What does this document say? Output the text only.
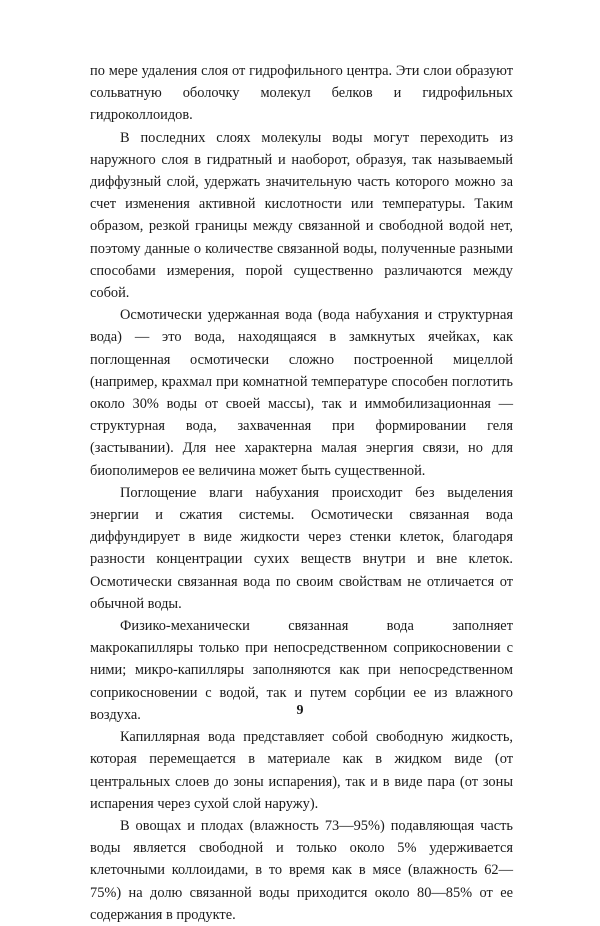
по мере удаления слоя от гидрофильного центра. Эти слои образуют сольватную оболочку молекул белков и гидрофильных гидроколлоидов.

В последних слоях молекулы воды могут переходить из наружного слоя в гидратный и наоборот, образуя, так называемый диффузный слой, удержать значительную часть которого можно за счет изменения активной кислотности или температуры. Таким образом, резкой границы между связанной и свободной водой нет, поэтому данные о количестве связанной воды, полученные разными способами измерения, порой существенно различаются между собой.

Осмотически удержанная вода (вода набухания и структурная вода) — это вода, находящаяся в замкнутых ячейках, как поглощенная осмотически сложно построенной мицеллой (например, крахмал при комнатной температуре способен поглотить около 30% воды от своей массы), так и иммобилизационная — структурная вода, захваченная при формировании геля (застывании). Для нее характерна малая энергия связи, но для биополимеров ее величина может быть существенной.

Поглощение влаги набухания происходит без выделения энергии и сжатия системы. Осмотически связанная вода диффундирует в виде жидкости через стенки клеток, благодаря разности концентрации сухих веществ внутри и вне клеток. Осмотически связанная вода по своим свойствам не отличается от обычной воды.

Физико-механически связанная вода заполняет макрокапилляры только при непосредственном соприкосновении с ними; микро-капилляры заполняются как при непосредственном соприкосновении с водой, так и путем сорбции ее из влажного воздуха.

Капиллярная вода представляет собой свободную жидкость, которая перемещается в материале как в жидком виде (от центральных слоев до зоны испарения), так и в виде пара (от зоны испарения через сухой слой наружу).

В овощах и плодах (влажность 73—95%) подавляющая часть воды является свободной и только около 5% удерживается клеточными коллоидами, в то время как в мясе (влажность 62—75%) на долю связанной воды приходится около 80—85% от ее содержания в продукте.

9
